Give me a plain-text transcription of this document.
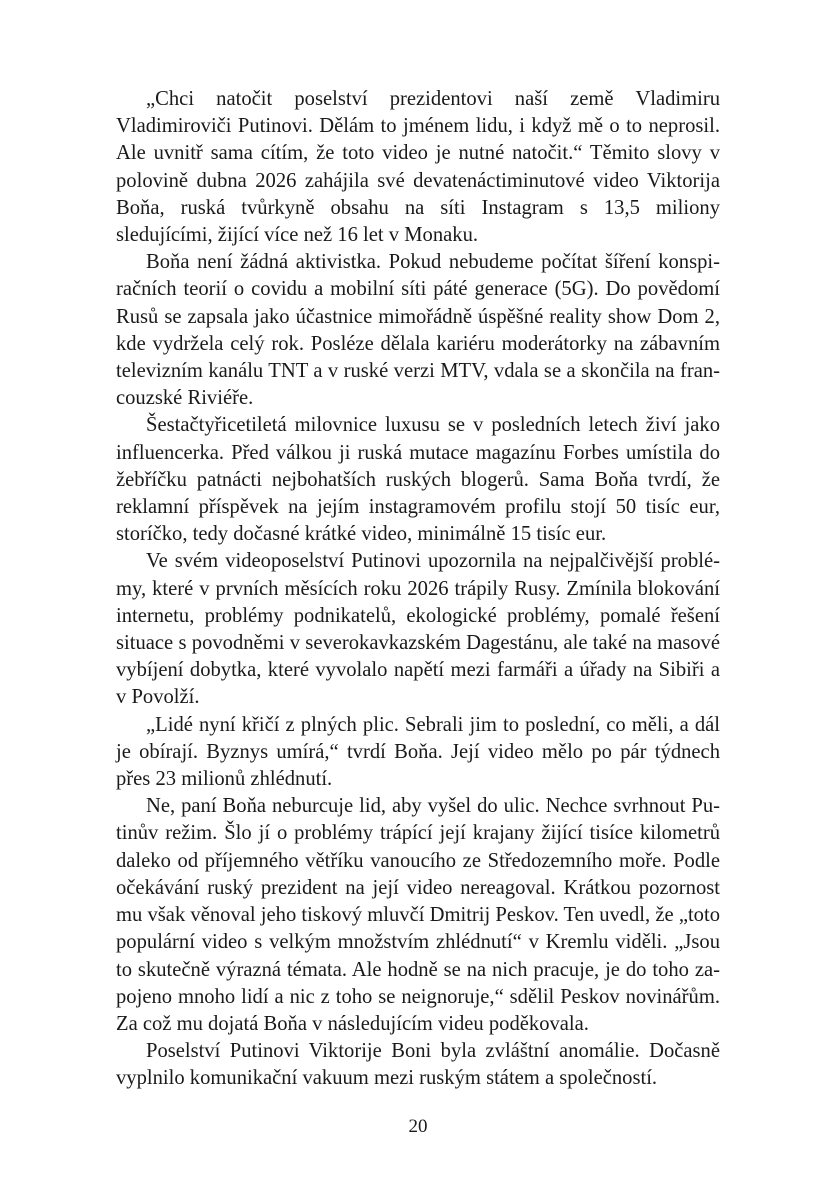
„Chci natočit poselství prezidentovi naší země Vladimiru Vladimiroviči Putinovi. Dělám to jménem lidu, i když mě o to neprosil. Ale uvnitř sama cítím, že toto video je nutné natočit.“ Těmito slovy v polovině dubna 2026 zahájila své devatenáctiminutové video Viktorija Boňa, ruská tvůrkyně obsahu na síti Instagram s 13,5 miliony sledujícími, žijící více než 16 let v Monaku.

Boňa není žádná aktivistka. Pokud nebudeme počítat šíření konspiračních teorií o covidu a mobilní síti páté generace (5G). Do povědomí Rusů se zapsala jako účastnice mimořádně úspěšné reality show Dom 2, kde vydržela celý rok. Posléze dělala kariéru moderátorky na zábavním televizním kanálu TNT a v ruské verzi MTV, vdala se a skončila na francouzské Riviéře.

Šestačtyřicetiletá milovnice luxusu se v posledních letech živí jako influencerka. Před válkou ji ruská mutace magazínu Forbes umístila do žebříčku patnácti nejbohatších ruských blogerů. Sama Boňa tvrdí, že reklamní příspěvek na jejím instagramovém profilu stojí 50 tisíc eur, storíčko, tedy dočasné krátké video, minimálně 15 tisíc eur.

Ve svém videoposelství Putinovi upozornila na nejpalčivější problémy, které v prvních měsících roku 2026 trápily Rusy. Zmínila blokování internetu, problémy podnikatelů, ekologické problémy, pomalé řešení situace s povodněmi v severokavkazském Dagestánu, ale také na masové vybíjení dobytka, které vyvolalo napětí mezi farmáři a úřady na Sibiři a v Povolží.

„Lidé nyní křičí z plných plic. Sebrali jim to poslední, co měli, a dál je obírají. Byznys umírá,“ tvrdí Boňa. Její video mělo po pár týdnech přes 23 milionů zhlédnutí.

Ne, paní Boňa neburcuje lid, aby vyšel do ulic. Nechce svrhnout Putinův režim. Šlo jí o problémy trápící její krajany žijící tisíce kilometrů daleko od příjemného větříku vanoucího ze Středozemního moře. Podle očekávání ruský prezident na její video nereagoval. Krátkou pozornost mu však věnoval jeho tiskový mluvčí Dmitrij Peskov. Ten uvedl, že „toto populární video s velkým množstvím zhlédnutí“ v Kremlu viděli. „Jsou to skutečně výrazná témata. Ale hodně se na nich pracuje, je do toho zapojeno mnoho lidí a nic z toho se neignoruje,“ sdělil Peskov novinářům. Za což mu dojatá Boňa v následujícím videu poděkovala.

Poselství Putinovi Viktorije Boni byla zvláštní anomálie. Dočasně vyplnilo komunikační vakuum mezi ruským státem a společností.

20
